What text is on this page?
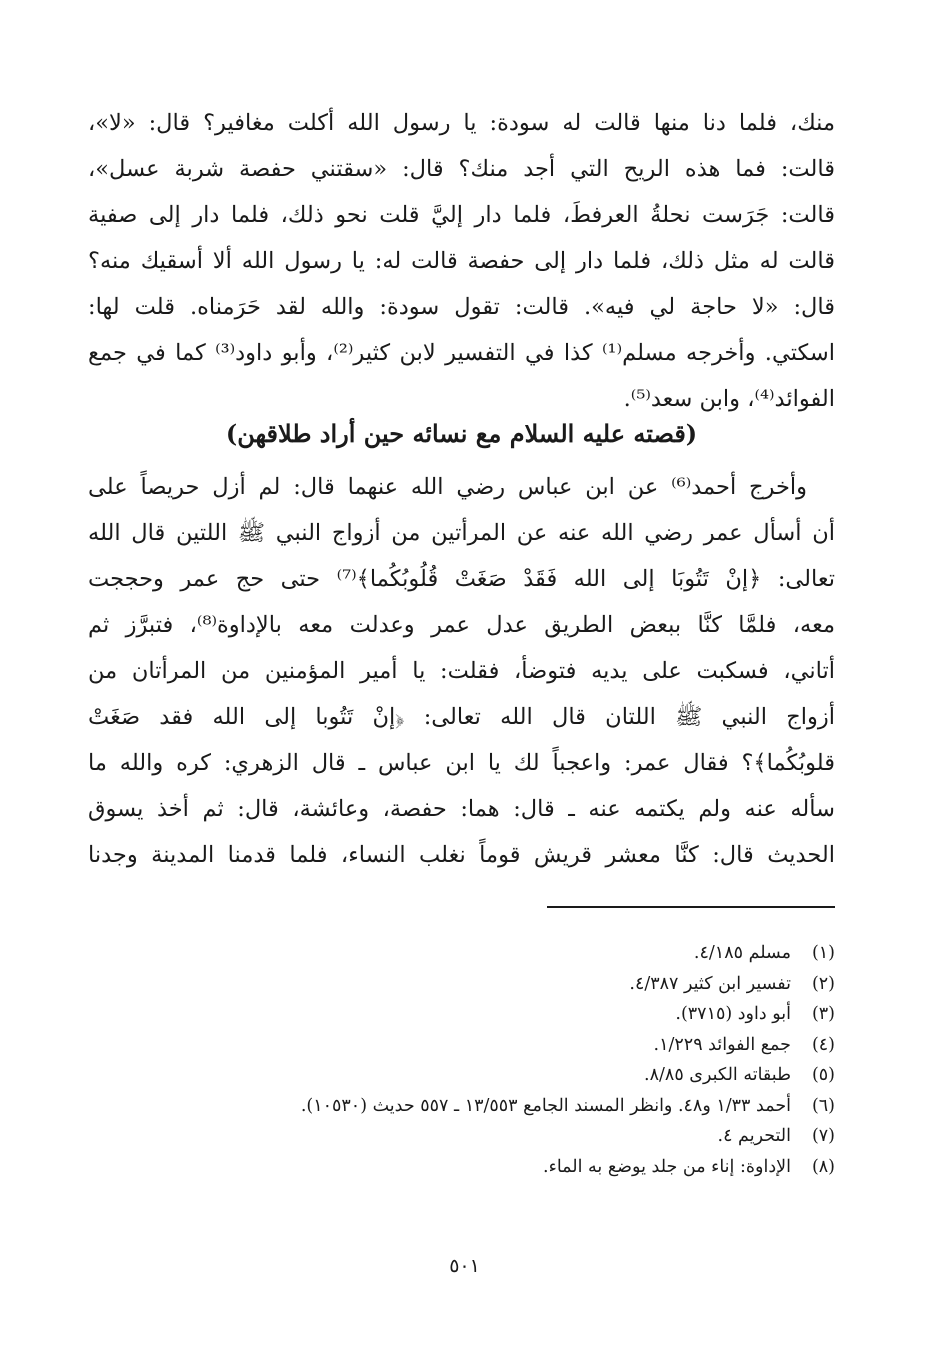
منك، فلما دنا منها قالت له سودة: يا رسول الله أكلت مغافير؟ قال: «لا»،
قالت: فما هذه الريح التي أجد منك؟ قال: «سقتني حفصة شربة عسل»،
قالت: جَرَست نحلةُ العرفطَ، فلما دار إليَّ قلت نحو ذلك، فلما دار إلى صفية
قالت له مثل ذلك، فلما دار إلى حفصة قالت له: يا رسول الله ألا أسقيك منه؟
قال: «لا حاجة لي فيه». قالت: تقول سودة: والله لقد حَرَمناه. قلت لها:
اسكتي. وأخرجه مسلم⁽¹⁾ كذا في التفسير لابن كثير⁽²⁾، وأبو داود⁽³⁾ كما في جمع
الفوائد⁽⁴⁾، وابن سعد⁽⁵⁾.
(قصته عليه السلام مع نسائه حين أراد طلاقهن)
وأخرج أحمد⁽⁶⁾ عن ابن عباس رضي الله عنهما قال: لم أزل حريصاً على
أن أسأل عمر رضي الله عنه عن المرأتين من أزواج النبي ﷺ اللتين قال الله
تعالى: ﴿إنْ تَتُوبَا إلى الله فَقَدْ صَغَتْ قُلُوبُكُما﴾⁽⁷⁾ حتى حج عمر وحججت
معه، فلمَّا كنَّا ببعض الطريق عدل عمر وعدلت معه بالإداوة⁽⁸⁾، فتبرَّز ثم
أتاني، فسكبت على يديه فتوضأ، فقلت: يا أمير المؤمنين من المرأتان من
أزواج النبي ﷺ اللتان قال الله تعالى: ﴿إنْ تَتُوبا إلى الله فقد صَغَتْ
قلوبُكُما﴾؟ فقال عمر: واعجباً لك يا ابن عباس ـ قال الزهري: كره والله ما
سأله عنه ولم يكتمه عنه ـ قال: هما: حفصة، وعائشة، قال: ثم أخذ يسوق
الحديث قال: كنَّا معشر قريش قوماً نغلب النساء، فلما قدمنا المدينة وجدنا
(١)مسلم ٤/١٨٥.
(٢)تفسير ابن كثير ٤/٣٨٧.
(٣)أبو داود (٣٧١٥).
(٤)جمع الفوائد ١/٢٢٩.
(٥)طبقاته الكبرى ٨/٨٥.
(٦)أحمد ١/٣٣ و٤٨. وانظر المسند الجامع ١٣/٥٥٣ ـ ٥٥٧ حديث (١٠٥٣٠).
(٧)التحريم ٤.
(٨)الإداوة: إناء من جلد يوضع به الماء.
٥٠١
